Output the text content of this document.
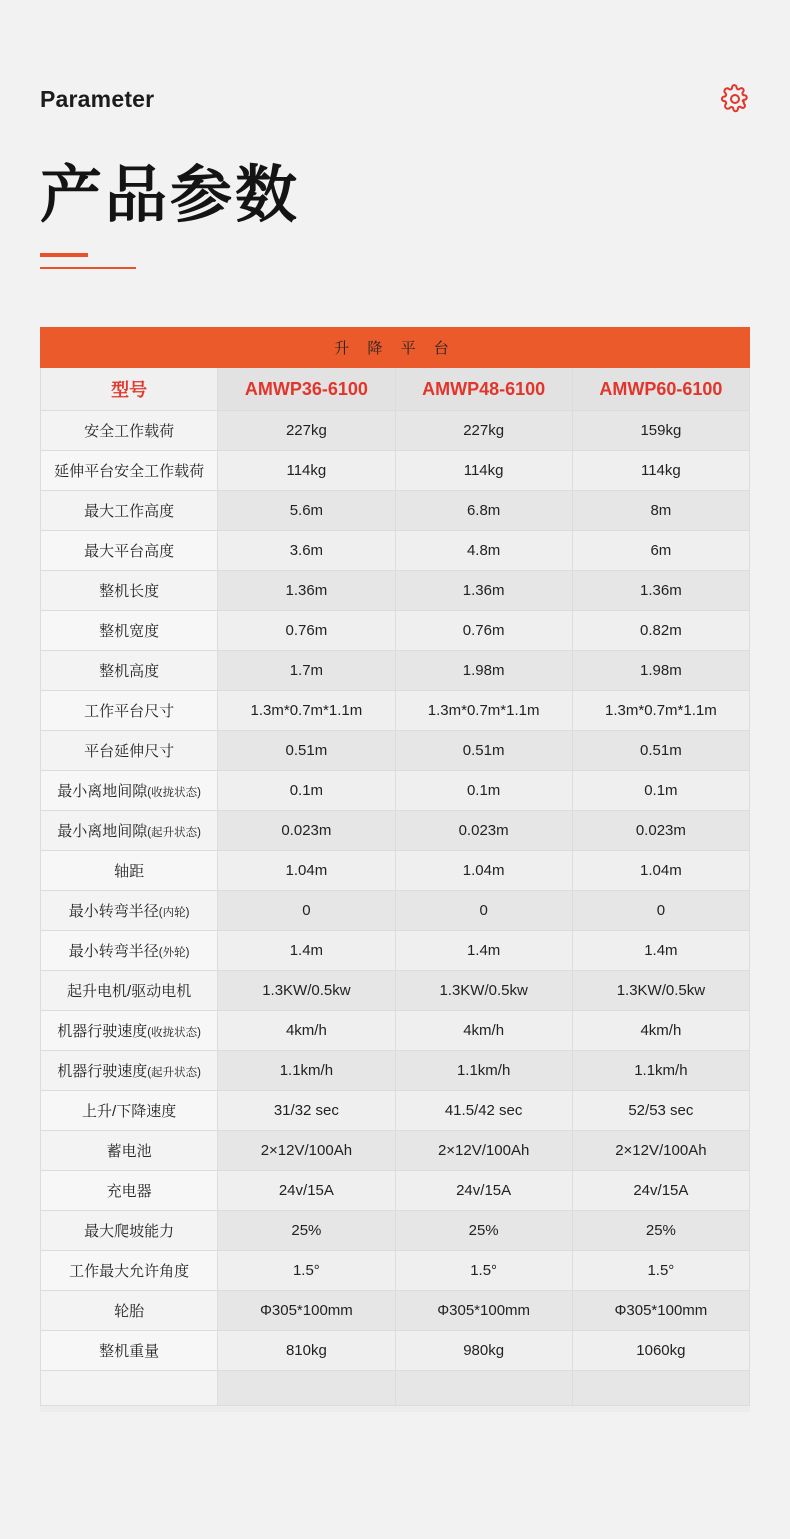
Parameter
产品参数
升 降 平 台			
型号	AMWP36-6100	AMWP48-6100	AMWP60-6100
安全工作载荷	227kg	227kg	159kg
延伸平台安全工作载荷	114kg	114kg	114kg
最大工作高度	5.6m	6.8m	8m
最大平台高度	3.6m	4.8m	6m
整机长度	1.36m	1.36m	1.36m
整机宽度	0.76m	0.76m	0.82m
整机高度	1.7m	1.98m	1.98m
工作平台尺寸	1.3m*0.7m*1.1m	1.3m*0.7m*1.1m	1.3m*0.7m*1.1m
平台延伸尺寸	0.51m	0.51m	0.51m
最小离地间隙(收拢状态)	0.1m	0.1m	0.1m
最小离地间隙(起升状态)	0.023m	0.023m	0.023m
轴距	1.04m	1.04m	1.04m
最小转弯半径(内轮)	0	0	0
最小转弯半径(外轮)	1.4m	1.4m	1.4m
起升电机/驱动电机	1.3KW/0.5kw	1.3KW/0.5kw	1.3KW/0.5kw
机器行驶速度(收拢状态)	4km/h	4km/h	4km/h
机器行驶速度(起升状态)	1.1km/h	1.1km/h	1.1km/h
上升/下降速度	31/32 sec	41.5/42 sec	52/53 sec
蓄电池	2×12V/100Ah	2×12V/100Ah	2×12V/100Ah
充电器	24v/15A	24v/15A	24v/15A
最大爬坡能力	25%	25%	25%
工作最大允许角度	1.5°	1.5°	1.5°
轮胎	Φ305*100mm	Φ305*100mm	Φ305*100mm
整机重量	810kg	980kg	1060kg
